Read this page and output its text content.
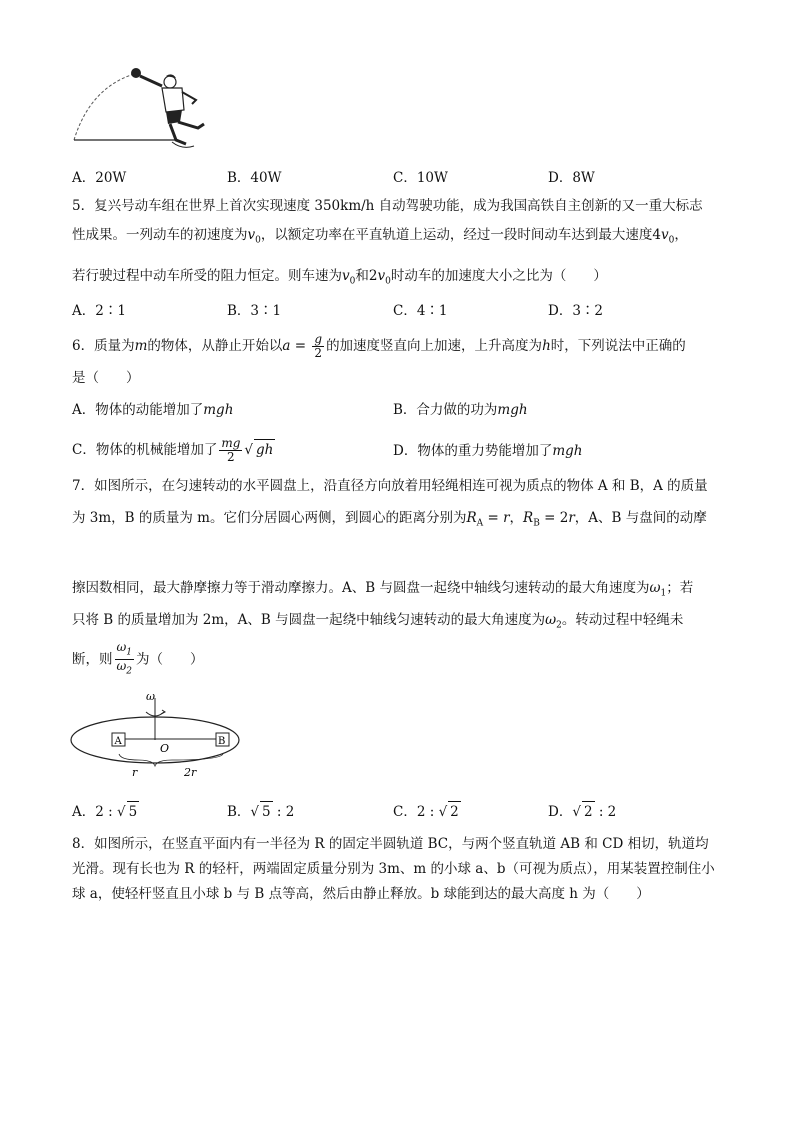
A．20W	B．40W	C．10W	D．8W
5．复兴号动车组在世界上首次实现速度 350km/h 自动驾驶功能，成为我国高铁自主创新的又一重大标志
性成果。一列动车的初速度为$v_0$，以额定功率在平直轨道上运动，经过一段时间动车达到最大速度$4v_0$，
若行驶过程中动车所受的阻力恒定。则车速为$v_0$和$2v_0$时动车的加速度大小之比为（　　）
A．2∶1	B．3∶1	C．4∶1	D．3∶2
6．质量为m的物体，从静止开始以$a = \frac{g}{2}$ 的加速度竖直向上加速，上升高度为h时，下列说法中正确的
是（　　）
A．物体的动能增加了mgh	B．合力做的功为mgh
C．物体的机械能增加了 $\frac{mg}{2}$ √ gh	D．物体的重力势能增加了mgh
7．如图所示，在匀速转动的水平圆盘上，沿直径方向放着用轻绳相连可视为质点的物体 A 和 B，A 的质量
为 3m，B 的质量为 m。它们分居圆心两侧，到圆心的距离分别为$R_A = r$，$R_B = 2r$，A、B 与盘间的动摩
擦因数相同，最大静摩擦力等于滑动摩擦力。A、B 与圆盘一起绕中轴线匀速转动的最大角速度为$\omega_1$；若
只将 B 的质量增加为 2m，A、B 与圆盘一起绕中轴线匀速转动的最大角速度为$\omega_2$。转动过程中轻绳未
断，则 $\frac{\omega_1}{\omega_2}$ 为（　　）
ω
A	B
O
r	2r
A．2 : √ 5	B．√ 5 : 2	C．2 : √ 2	D．√ 2 : 2
8．如图所示，在竖直平面内有一半径为 R 的固定半圆轨道 BC，与两个竖直轨道 AB 和 CD 相切，轨道均
光滑。现有长也为 R 的轻杆，两端固定质量分别为 3m、m 的小球 a、b（可视为质点），用某装置控制住小
球 a，使轻杆竖直且小球 b 与 B 点等高，然后由静止释放。b 球能到达的最大高度 h 为（　　）
